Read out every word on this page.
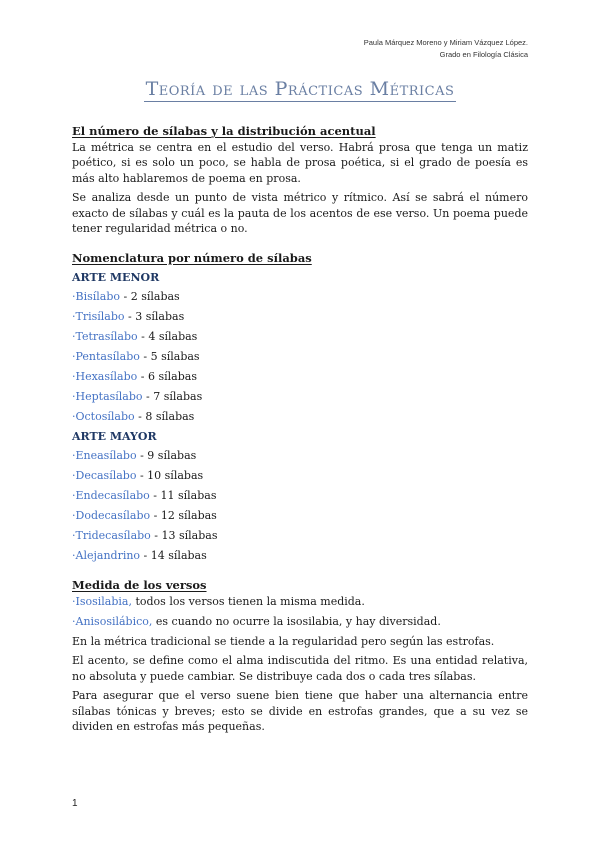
Paula Márquez Moreno y Miriam Vázquez López.
Grado en Filología Clásica
Teoría de las Prácticas Métricas
El número de sílabas y la distribución acentual

La métrica se centra en el estudio del verso. Habrá prosa que tenga un matiz poético, si es solo un poco, se habla de prosa poética, si el grado de poesía es más alto hablaremos de poema en prosa.

Se analiza desde un punto de vista métrico y rítmico. Así se sabrá el número exacto de sílabas y cuál es la pauta de los acentos de ese verso. Un poema puede tener regularidad métrica o no.

Nomenclatura por número de sílabas
ARTE MENOR
·Bisílabo - 2 sílabas
·Trisílabo - 3 sílabas
·Tetrasílabo - 4 sílabas
·Pentasílabo - 5 sílabas
·Hexasílabo - 6 sílabas
·Heptasílabo - 7 sílabas
·Octosílabo - 8 sílabas
ARTE MAYOR
·Eneasílabo - 9 sílabas
·Decasílabo - 10 sílabas
·Endecasílabo - 11 sílabas
·Dodecasílabo - 12 sílabas
·Tridecasílabo - 13 sílabas
·Alejandrino - 14 sílabas
Medida de los versos
·Isosilabia, todos los versos tienen la misma medida.
·Anisosilábico, es cuando no ocurre la isosilabia, y hay diversidad.

En la métrica tradicional se tiende a la regularidad pero según las estrofas.

El acento, se define como el alma indiscutida del ritmo. Es una entidad relativa, no absoluta y puede cambiar. Se distribuye cada dos o cada tres sílabas.

Para asegurar que el verso suene bien tiene que haber una alternancia entre sílabas tónicas y breves; esto se divide en estrofas grandes, que a su vez se dividen en estrofas más pequeñas.

1
